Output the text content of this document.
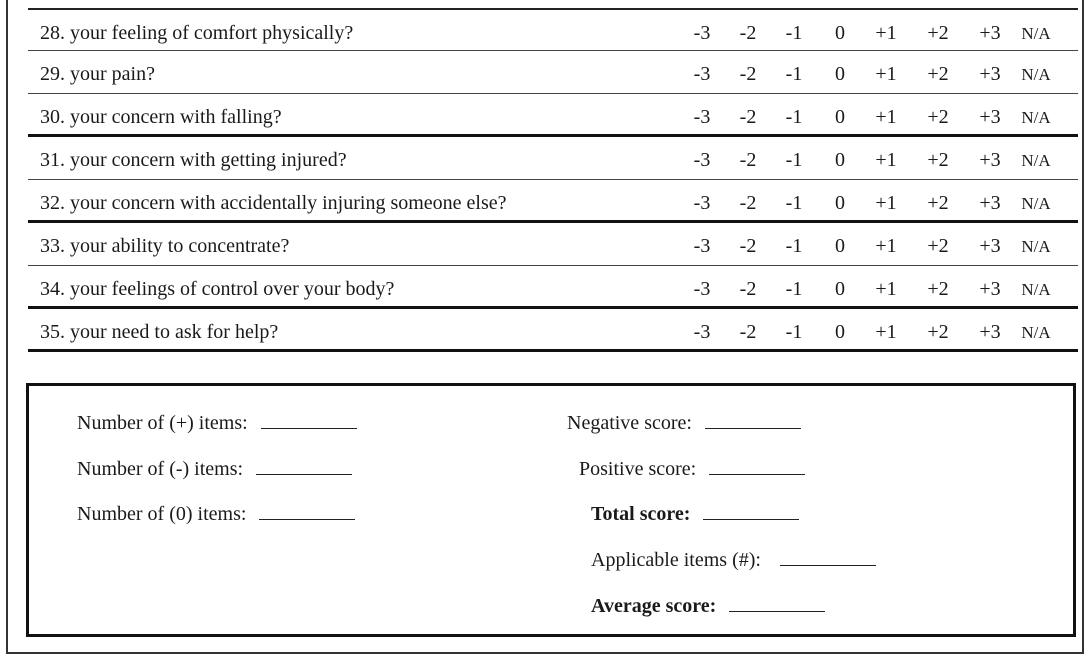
28. your feeling of comfort physically?	-3	-2	-1	0	+1	+2	+3	N/A
29. your pain?	-3	-2	-1	0	+1	+2	+3	N/A
30. your concern with falling?	-3	-2	-1	0	+1	+2	+3	N/A
31. your concern with getting injured?	-3	-2	-1	0	+1	+2	+3	N/A
32. your concern with accidentally injuring someone else?	-3	-2	-1	0	+1	+2	+3	N/A
33. your ability to concentrate?	-3	-2	-1	0	+1	+2	+3	N/A
34. your feelings of control over your body?	-3	-2	-1	0	+1	+2	+3	N/A
35. your need to ask for help?	-3	-2	-1	0	+1	+2	+3	N/A
Number of (+) items:
Number of (-) items:
Number of (0) items:
Negative score:
Positive score:
Total score:
Applicable items (#):
Average score:
